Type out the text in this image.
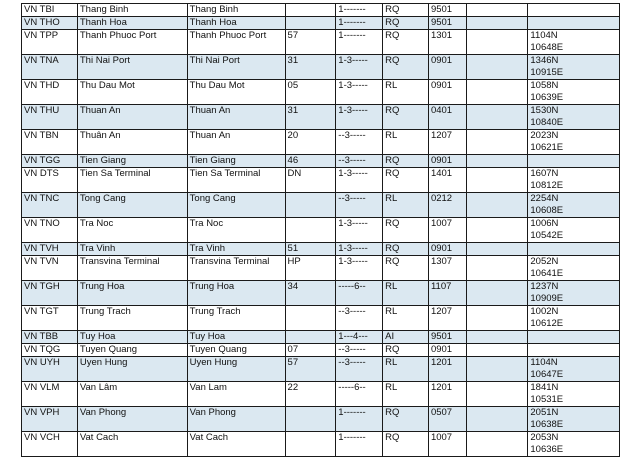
VN TBI	Thang Binh	Thang Binh		1-------	RQ	9501		

VN THO	Thanh Hoa	Thanh Hoa		1-------	RQ	9501		

VN TPP	Thanh Phuoc Port	Thanh Phuoc Port	57	1-------	RQ	1301		1104N
10648E

VN TNA	Thi Nai Port	Thi Nai Port	31	1-3-----	RQ	0901		1346N
10915E

VN THD	Thu Dau Mot	Thu Dau Mot	05	1-3-----	RL	0901		1058N
10639E

VN THU	Thuan An	Thuan An	31	1-3-----	RQ	0401		1530N
10840E

VN TBN	Thuân An	Thuan An	20	--3-----	RL	1207		2023N
10621E

VN TGG	Tien Giang	Tien Giang	46	--3-----	RQ	0901		

VN DTS	Tien Sa Terminal	Tien Sa Terminal	DN	1-3-----	RQ	1401		1607N
10812E

VN TNC	Tong Cang	Tong Cang		--3-----	RL	0212		2254N
10608E

VN TNO	Tra Noc	Tra Noc		1-3-----	RQ	1007		1006N
10542E

VN TVH	Tra Vinh	Tra Vinh	51	1-3-----	RQ	0901		

VN TVN	Transvina Terminal	Transvina Terminal	HP	1-3-----	RQ	1307		2052N
10641E

VN TGH	Trung Hoa	Trung Hoa	34	-----6--	RL	1107		1237N
10909E

VN TGT	Trung Trach	Trung Trach		--3-----	RL	1207		1002N
10612E

VN TBB	Tuy Hoa	Tuy Hoa		1---4---	AI	9501		

VN TQG	Tuyen Quang	Tuyen Quang	07	--3-----	RQ	0901		

VN UYH	Uyen Hung	Uyen Hung	57	--3-----	RL	1201		1104N
10647E

VN VLM	Van Lâm	Van Lam	22	-----6--	RL	1201		1841N
10531E

VN VPH	Van Phong	Van Phong		1-------	RQ	0507		2051N
10638E

VN VCH	Vat Cach	Vat Cach		1-------	RQ	1007		2053N
10636E
